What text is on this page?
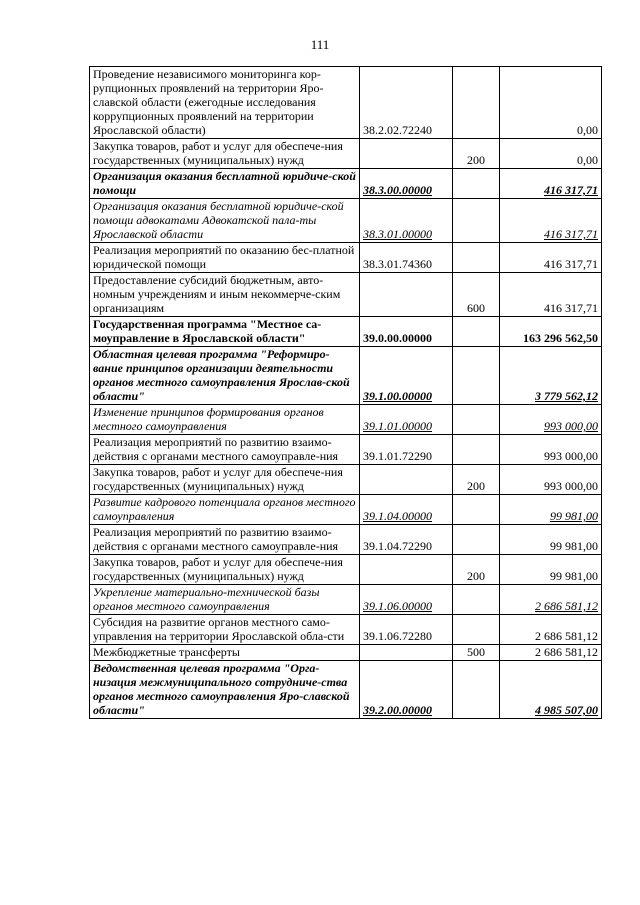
111
Проведение независимого мониторинга кор-рупционных проявлений на территории Яро-славской области (ежегодные исследования коррупционных проявлений на территории Ярославской области)	38.2.02.72240		0,00
Закупка товаров, работ и услуг для обеспече-ния государственных (муниципальных) нужд		200	0,00
Организация оказания бесплатной юридиче-ской помощи	38.3.00.00000		416 317,71
Организация оказания бесплатной юридиче-ской помощи адвокатами Адвокатской пала-ты Ярославской области	38.3.01.00000		416 317,71
Реализация мероприятий по оказанию бес-платной юридической помощи	38.3.01.74360		416 317,71
Предоставление субсидий бюджетным, авто-номным учреждениям и иным некоммерче-ским организациям		600	416 317,71
Государственная программа "Местное са-моуправление в Ярославской области"	39.0.00.00000		163 296 562,50
Областная целевая программа "Реформиро-вание принципов организации деятельности органов местного самоуправления Ярослав-ской области"	39.1.00.00000		3 779 562,12
Изменение принципов формирования органов местного самоуправления	39.1.01.00000		993 000,00
Реализация мероприятий по развитию взаимо-действия с органами местного самоуправле-ния	39.1.01.72290		993 000,00
Закупка товаров, работ и услуг для обеспече-ния государственных (муниципальных) нужд		200	993 000,00
Развитие кадрового потенциала органов местного самоуправления	39.1.04.00000		99 981,00
Реализация мероприятий по развитию взаимо-действия с органами местного самоуправле-ния	39.1.04.72290		99 981,00
Закупка товаров, работ и услуг для обеспече-ния государственных (муниципальных) нужд		200	99 981,00
Укрепление материально-технической базы органов местного самоуправления	39.1.06.00000		2 686 581,12
Субсидия на развитие органов местного само-управления на территории Ярославской обла-сти	39.1.06.72280		2 686 581,12
Межбюджетные трансферты		500	2 686 581,12
Ведомственная целевая программа "Орга-низация межмуниципального сотрудниче-ства органов местного самоуправления Яро-славской области"	39.2.00.00000		4 985 507,00
